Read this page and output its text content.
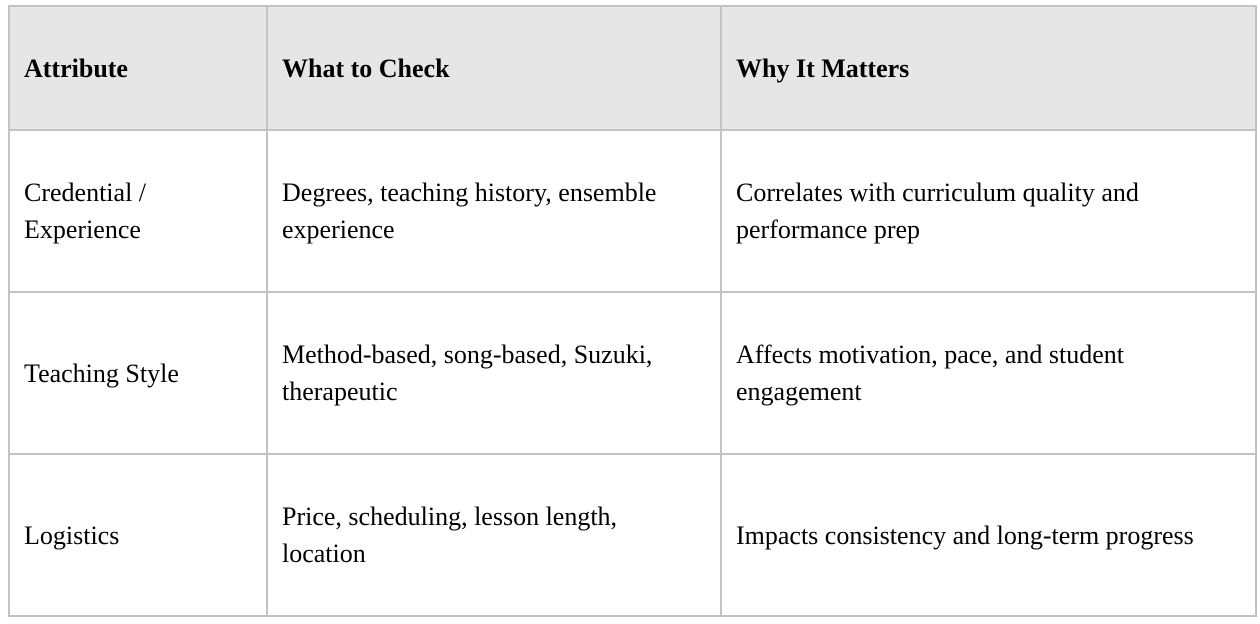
Attribute	What to Check	Why It Matters
Credential / Experience	Degrees, teaching history, ensemble experience	Correlates with curriculum quality and performance prep
Teaching Style	Method-based, song-based, Suzuki, therapeutic	Affects motivation, pace, and student engagement
Logistics	Price, scheduling, lesson length, location	Impacts consistency and long-term progress
